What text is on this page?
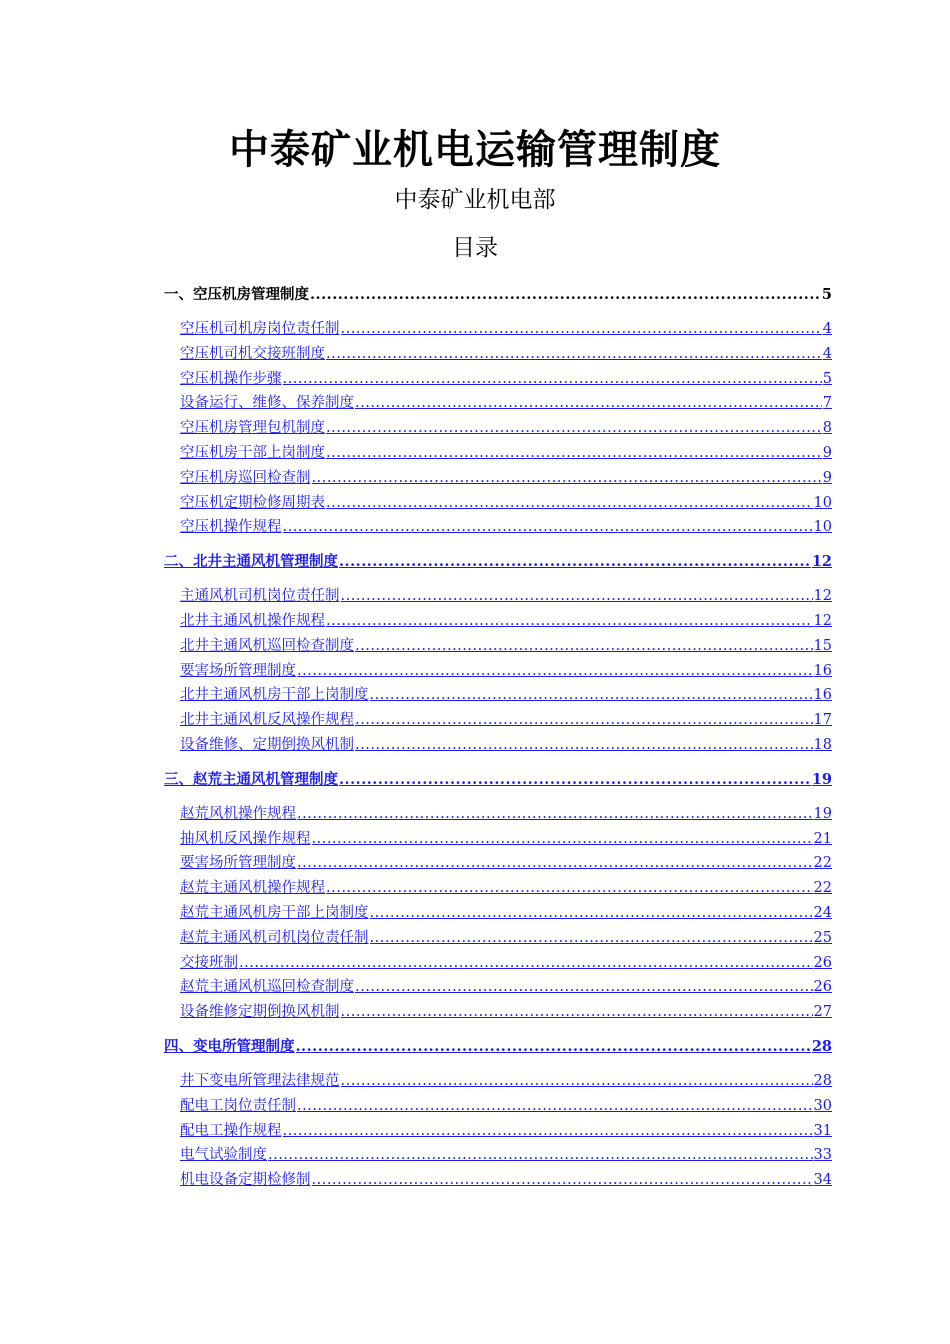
中泰矿业机电运输管理制度
中泰矿业机电部
目录
一、空压机房管理制度 .....	5
空压机司机房岗位责任制 .....	4
空压机司机交接班制度 .....	4
空压机操作步骤 .....	5
设备运行、维修、保养制度 .....	7
空压机房管理包机制度 .....	8
空压机房干部上岗制度 .....	9
空压机房巡回检查制 .....	9
空压机定期检修周期表 .....	10
空压机操作规程 .....	10
二、北井主通风机管理制度 .....	12
主通风机司机岗位责任制 .....	12
北井主通风机操作规程 .....	12
北井主通风机巡回检查制度 .....	15
要害场所管理制度 .....	16
北井主通风机房干部上岗制度 .....	16
北井主通风机反风操作规程 .....	17
设备维修、定期倒换风机制 .....	18
三、赵荒主通风机管理制度 .....	19
赵荒风机操作规程 .....	19
抽风机反风操作规程 .....	21
要害场所管理制度 .....	22
赵荒主通风机操作规程 .....	22
赵荒主通风机房干部上岗制度 .....	24
赵荒主通风机司机岗位责任制 .....	25
交接班制 .....	26
赵荒主通风机巡回检查制度 .....	26
设备维修定期倒换风机制 .....	27
四、变电所管理制度 .....	28
井下变电所管理法律规范 .....	28
配电工岗位责任制 .....	30
配电工操作规程 .....	31
电气试验制度 .....	33
机电设备定期检修制 .....	34
